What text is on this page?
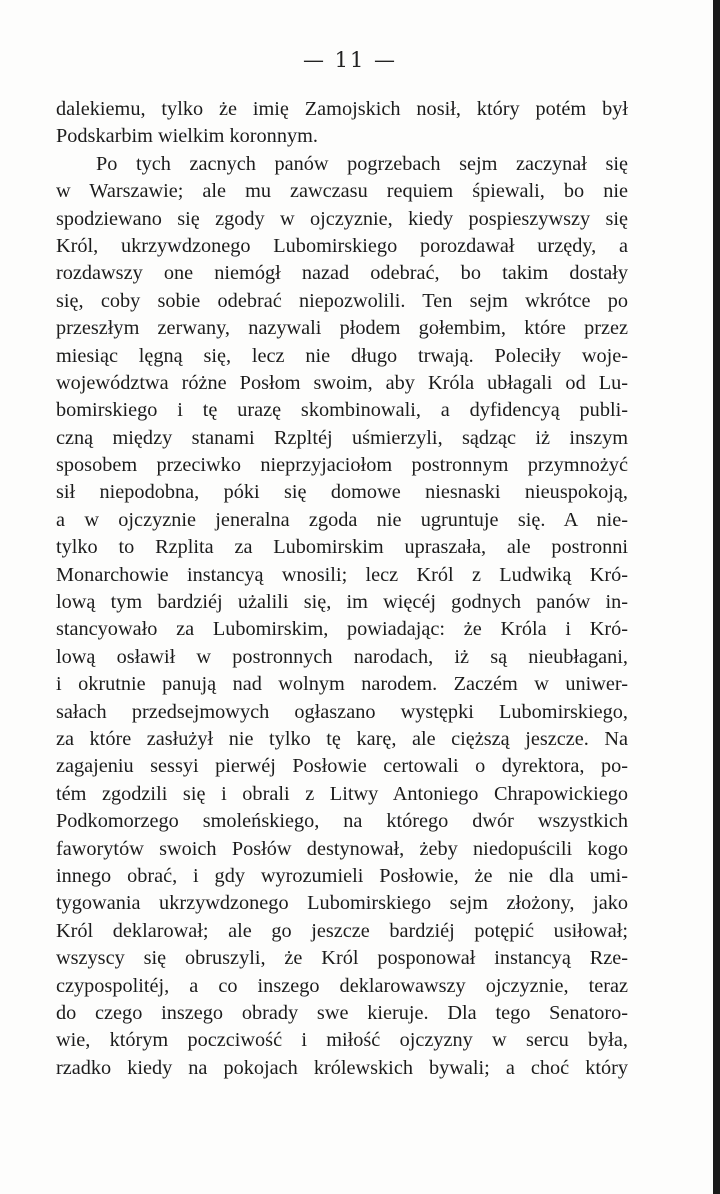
— 11 —
dalekiemu, tylko że imię Zamojskich nosił, który potém był
Podskarbim wielkim koronnym.
Po tych zacnych panów pogrzebach sejm zaczynał się
w Warszawie; ale mu zawczasu requiem śpiewali, bo nie
spodziewano się zgody w ojczyznie, kiedy pospieszywszy się
Król, ukrzywdzonego Lubomirskiego porozdawał urzędy, a
rozdawszy one niemógł nazad odebrać, bo takim dostały
się, coby sobie odebrać niepozwolili. Ten sejm wkrótce po
przeszłym zerwany, nazywali płodem gołembim, które przez
miesiąc lęgną się, lecz nie długo trwają. Poleciły woje-
województwa różne Posłom swoim, aby Króla ubłagali od Lu-
bomirskiego i tę urazę skombinowali, a dyfidencyą publi-
czną między stanami Rzpltéj uśmierzyli, sądząc iż inszym
sposobem przeciwko nieprzyjaciołom postronnym przymnożyć
sił niepodobna, póki się domowe niesnaski nieuspokoją,
a w ojczyznie jeneralna zgoda nie ugruntuje się. A nie-
tylko to Rzplita za Lubomirskim upraszała, ale postronni
Monarchowie instancyą wnosili; lecz Król z Ludwiką Kró-
lową tym bardziéj użalili się, im więcéj godnych panów in-
stancyowało za Lubomirskim, powiadając: że Króla i Kró-
lową osławił w postronnych narodach, iż są nieubłagani,
i okrutnie panują nad wolnym narodem. Zaczém w uniwer-
sałach przedsejmowych ogłaszano występki Lubomirskiego,
za które zasłużył nie tylko tę karę, ale cięższą jeszcze. Na
zagajeniu sessyi pierwéj Posłowie certowali o dyrektora, po-
tém zgodzili się i obrali z Litwy Antoniego Chrapowickiego
Podkomorzego smoleńskiego, na którego dwór wszystkich
faworytów swoich Posłów destynował, żeby niedopuścili kogo
innego obrać, i gdy wyrozumieli Posłowie, że nie dla umi-
tygowania ukrzywdzonego Lubomirskiego sejm złożony, jako
Król deklarował; ale go jeszcze bardziéj potępić usiłował;
wszyscy się obruszyli, że Król posponował instancyą Rze-
czypospolitéj, a co inszego deklarowawszy ojczyznie, teraz
do czego inszego obrady swe kieruje. Dla tego Senatoro-
wie, którym poczciwość i miłość ojczyzny w sercu była,
rzadko kiedy na pokojach królewskich bywali; a choć który
